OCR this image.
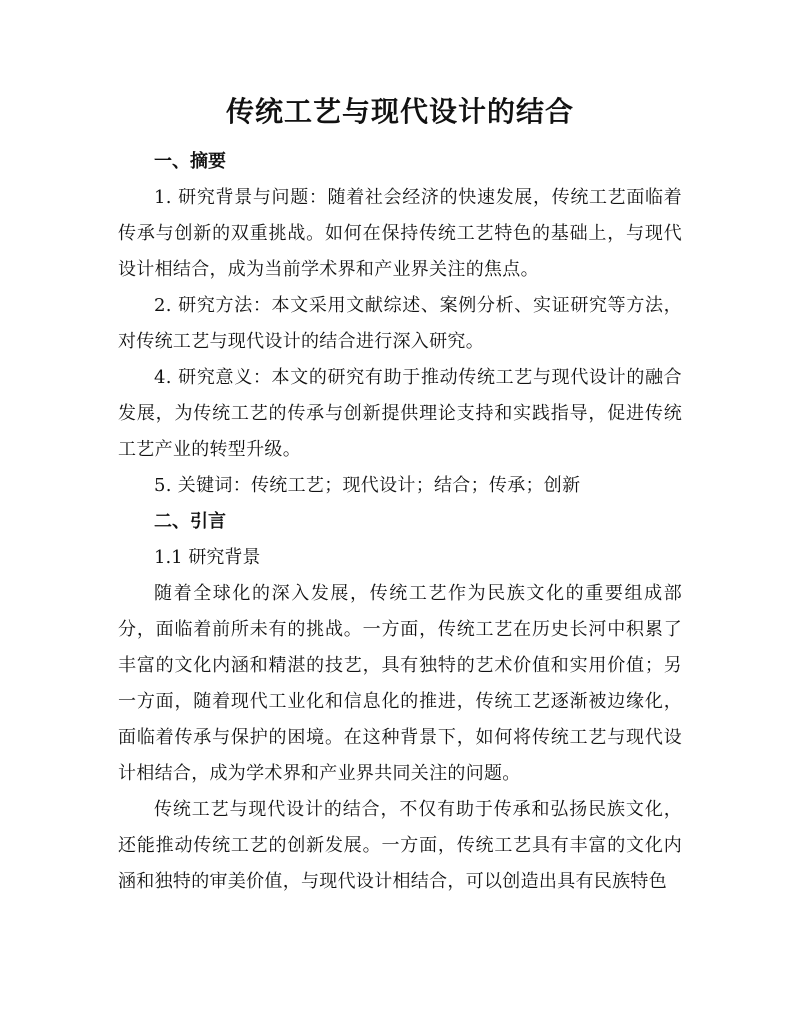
传统工艺与现代设计的结合

一、摘要

1. 研究背景与问题：随着社会经济的快速发展，传统工艺面临着传承与创新的双重挑战。如何在保持传统工艺特色的基础上，与现代设计相结合，成为当前学术界和产业界关注的焦点。

2. 研究方法：本文采用文献综述、案例分析、实证研究等方法，对传统工艺与现代设计的结合进行深入研究。

4. 研究意义：本文的研究有助于推动传统工艺与现代设计的融合发展，为传统工艺的传承与创新提供理论支持和实践指导，促进传统工艺产业的转型升级。

5. 关键词：传统工艺；现代设计；结合；传承；创新

二、引言

1.1 研究背景

随着全球化的深入发展，传统工艺作为民族文化的重要组成部分，面临着前所未有的挑战。一方面，传统工艺在历史长河中积累了丰富的文化内涵和精湛的技艺，具有独特的艺术价值和实用价值；另一方面，随着现代工业化和信息化的推进，传统工艺逐渐被边缘化，面临着传承与保护的困境。在这种背景下，如何将传统工艺与现代设计相结合，成为学术界和产业界共同关注的问题。

传统工艺与现代设计的结合，不仅有助于传承和弘扬民族文化，还能推动传统工艺的创新发展。一方面，传统工艺具有丰富的文化内涵和独特的审美价值，与现代设计相结合，可以创造出具有民族特色
